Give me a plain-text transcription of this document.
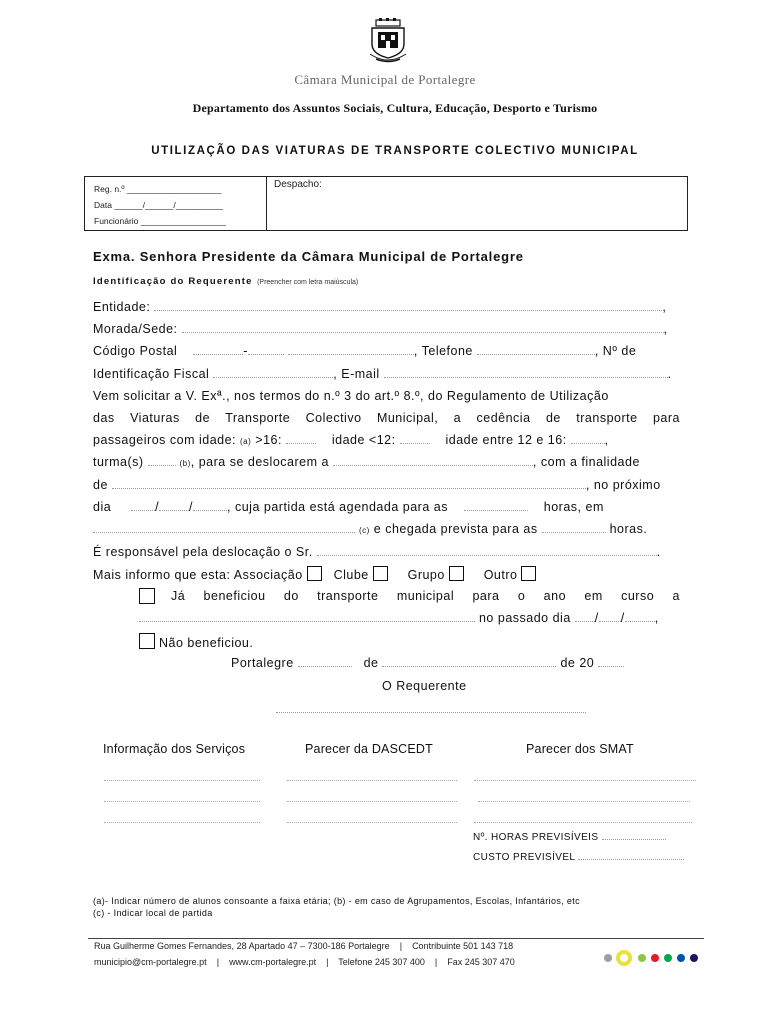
Câmara Municipal de Portalegre
Departamento dos Assuntos Sociais, Cultura, Educação, Desporto e Turismo
UTILIZAÇÃO DAS VIATURAS DE TRANSPORTE COLECTIVO MUNICIPAL
Reg. n.º ____________________
Data ______/______/__________
Funcionário __________________
Despacho:
Exma. Senhora Presidente da Câmara Municipal de Portalegre
Identificação do Requerente (Preencher com letra maiúscula)
Entidade:	,
Morada/Sede:	,
Código Postal	-	, Telefone	, Nº de
Identificação Fiscal	, E-mail	.
Vem solicitar a V. Exª., nos termos do n.º 3 do art.º 8.º, do Regulamento de Utilização
das Viaturas de Transporte Colectivo Municipal, a cedência de transporte para
passageiros com idade: (a) >16:	idade <12:	idade entre 12 e 16:	,
turma(s)	(b), para se deslocarem a	, com a finalidade
de	, no próximo
dia	/ /	, cuja partida está agendada para as	horas, em
(c) e chegada prevista para as	horas.
É responsável pela deslocação o Sr.	.
Mais informo que esta: Associação Clube	Grupo	Outro
Já beneficiou do transporte municipal para o ano em curso a
no passado dia / / ,
Não beneficiou.
Portalegre	de	de 20
O Requerente
Informação dos Serviços	Parecer da DASCEDT	Parecer dos SMAT
Nº. HORAS PREVISÍVEIS
CUSTO PREVISÍVEL
(a)- Indicar número de alunos consoante a faixa etária; (b) - em caso de Agrupamentos, Escolas, Infantários, etc
(c) - Indicar local de partida
Rua Guilherme Gomes Fernandes, 28 Apartado 47 – 7300-186 Portalegre | Contribuinte 501 143 718
municipio@cm-portalegre.pt | www.cm-portalegre.pt | Telefone 245 307 400 | Fax 245 307 470
